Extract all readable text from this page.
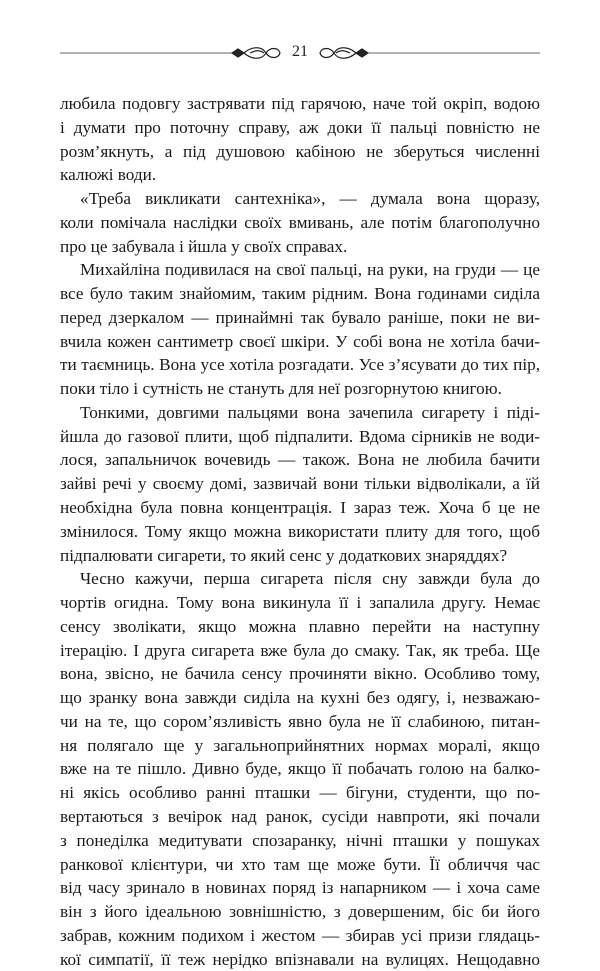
21
любила подовгу застрявати під гарячою, наче той окріп, водою
і думати про поточну справу, аж доки її пальці повністю не
розм’якнуть, а під душовою кабіною не зберуться численні
калюжі води.
«Треба викликати сантехніка», — думала вона щоразу,
коли помічала наслідки своїх вмивань, але потім благополучно
про це забувала і йшла у своїх справах.
Михайліна подивилася на свої пальці, на руки, на груди — це
все було таким знайомим, таким рідним. Вона годинами сиділа
перед дзеркалом — принаймні так бувало раніше, поки не ви-
вчила кожен сантиметр своєї шкіри. У собі вона не хотіла бачи-
ти таємниць. Вона усе хотіла розгадати. Усе з’ясувати до тих пір,
поки тіло і сутність не стануть для неї розгорнутою книгою.
Тонкими, довгими пальцями вона зачепила сигарету і піді-
йшла до газової плити, щоб підпалити. Вдома сірників не води-
лося, запальничок вочевидь — також. Вона не любила бачити
зайві речі у своєму домі, зазвичай вони тільки відволікали, а їй
необхідна була повна концентрація. І зараз теж. Хоча б це не
змінилося. Тому якщо можна використати плиту для того, щоб
підпалювати сигарети, то який сенс у додаткових знаряддях?
Чесно кажучи, перша сигарета після сну завжди була до
чортів огидна. Тому вона викинула її і запалила другу. Немає
сенсу зволікати, якщо можна плавно перейти на наступну
ітерацію. І друга сигарета вже була до смаку. Так, як треба. Ще
вона, звісно, не бачила сенсу прочиняти вікно. Особливо тому,
що зранку вона завжди сиділа на кухні без одягу, і, незважаю-
чи на те, що сором’язливість явно була не її слабиною, питан-
ня полягало ще у загальноприйнятних нормах моралі, якщо
вже на те пішло. Дивно буде, якщо її побачать голою на балко-
ні якісь особливо ранні пташки — бігуни, студенти, що по-
вертаються з вечірок над ранок, сусіди навпроти, які почали
з понеділка медитувати спозаранку, нічні пташки у пошуках
ранкової клієнтури, чи хто там ще може бути. Її обличчя час
від часу зринало в новинах поряд із напарником — і хоча саме
він з його ідеальною зовнішністю, з довершеним, біс би його
забрав, кожним подихом і жестом — збирав усі призи глядаць-
кої симпатії, її теж нерідко впізнавали на вулицях. Нещодавно
